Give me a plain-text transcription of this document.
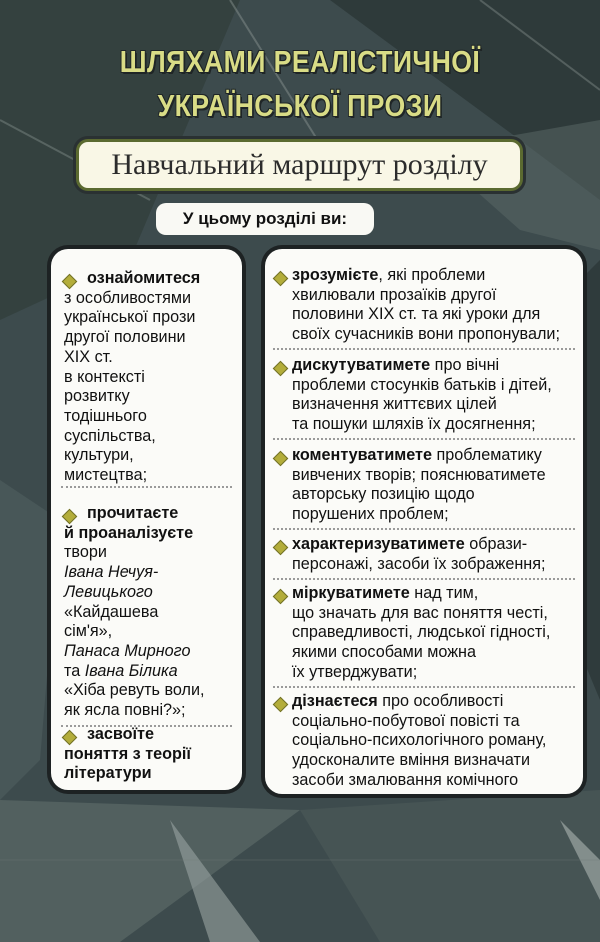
ШЛЯХАМИ РЕАЛІСТИЧНОЇ
УКРАЇНСЬКОЇ ПРОЗИ
Навчальний маршрут розділу
У цьому розділі ви:
ознайомитеся
з особливостями
української прози
другої половини
ХІХ ст.
в контексті
розвитку
тодішнього
суспільства,
культури,
мистецтва;
прочитаєте
й проаналізуєте
твори
Івана Нечуя-
Левицького
«Кайдашева
сім'я»,
Панаса Мирного
та Івана Білика
«Хіба ревуть воли,
як ясла повні?»;
засвоїте
поняття з теорії
літератури
зрозумієте, які проблеми
хвилювали прозаїків другої
половини ХІХ ст. та які уроки для
своїх сучасників вони пропонували;
дискутуватимете про вічні
проблеми стосунків батьків і дітей,
визначення життєвих цілей
та пошуки шляхів їх досягнення;
коментуватимете проблематику
вивчених творів; пояснюватимете
авторську позицію щодо
порушених проблем;
характеризуватимете образи-
персонажі, засоби їх зображення;
міркуватимете над тим,
що значать для вас поняття честі,
справедливості, людської гідності,
якими способами можна
їх утверджувати;
дізнаєтеся про особливості
соціально-побутової повісті та
соціально-психологічного роману,
удосконалите вміння визначати
засоби змалювання комічного
